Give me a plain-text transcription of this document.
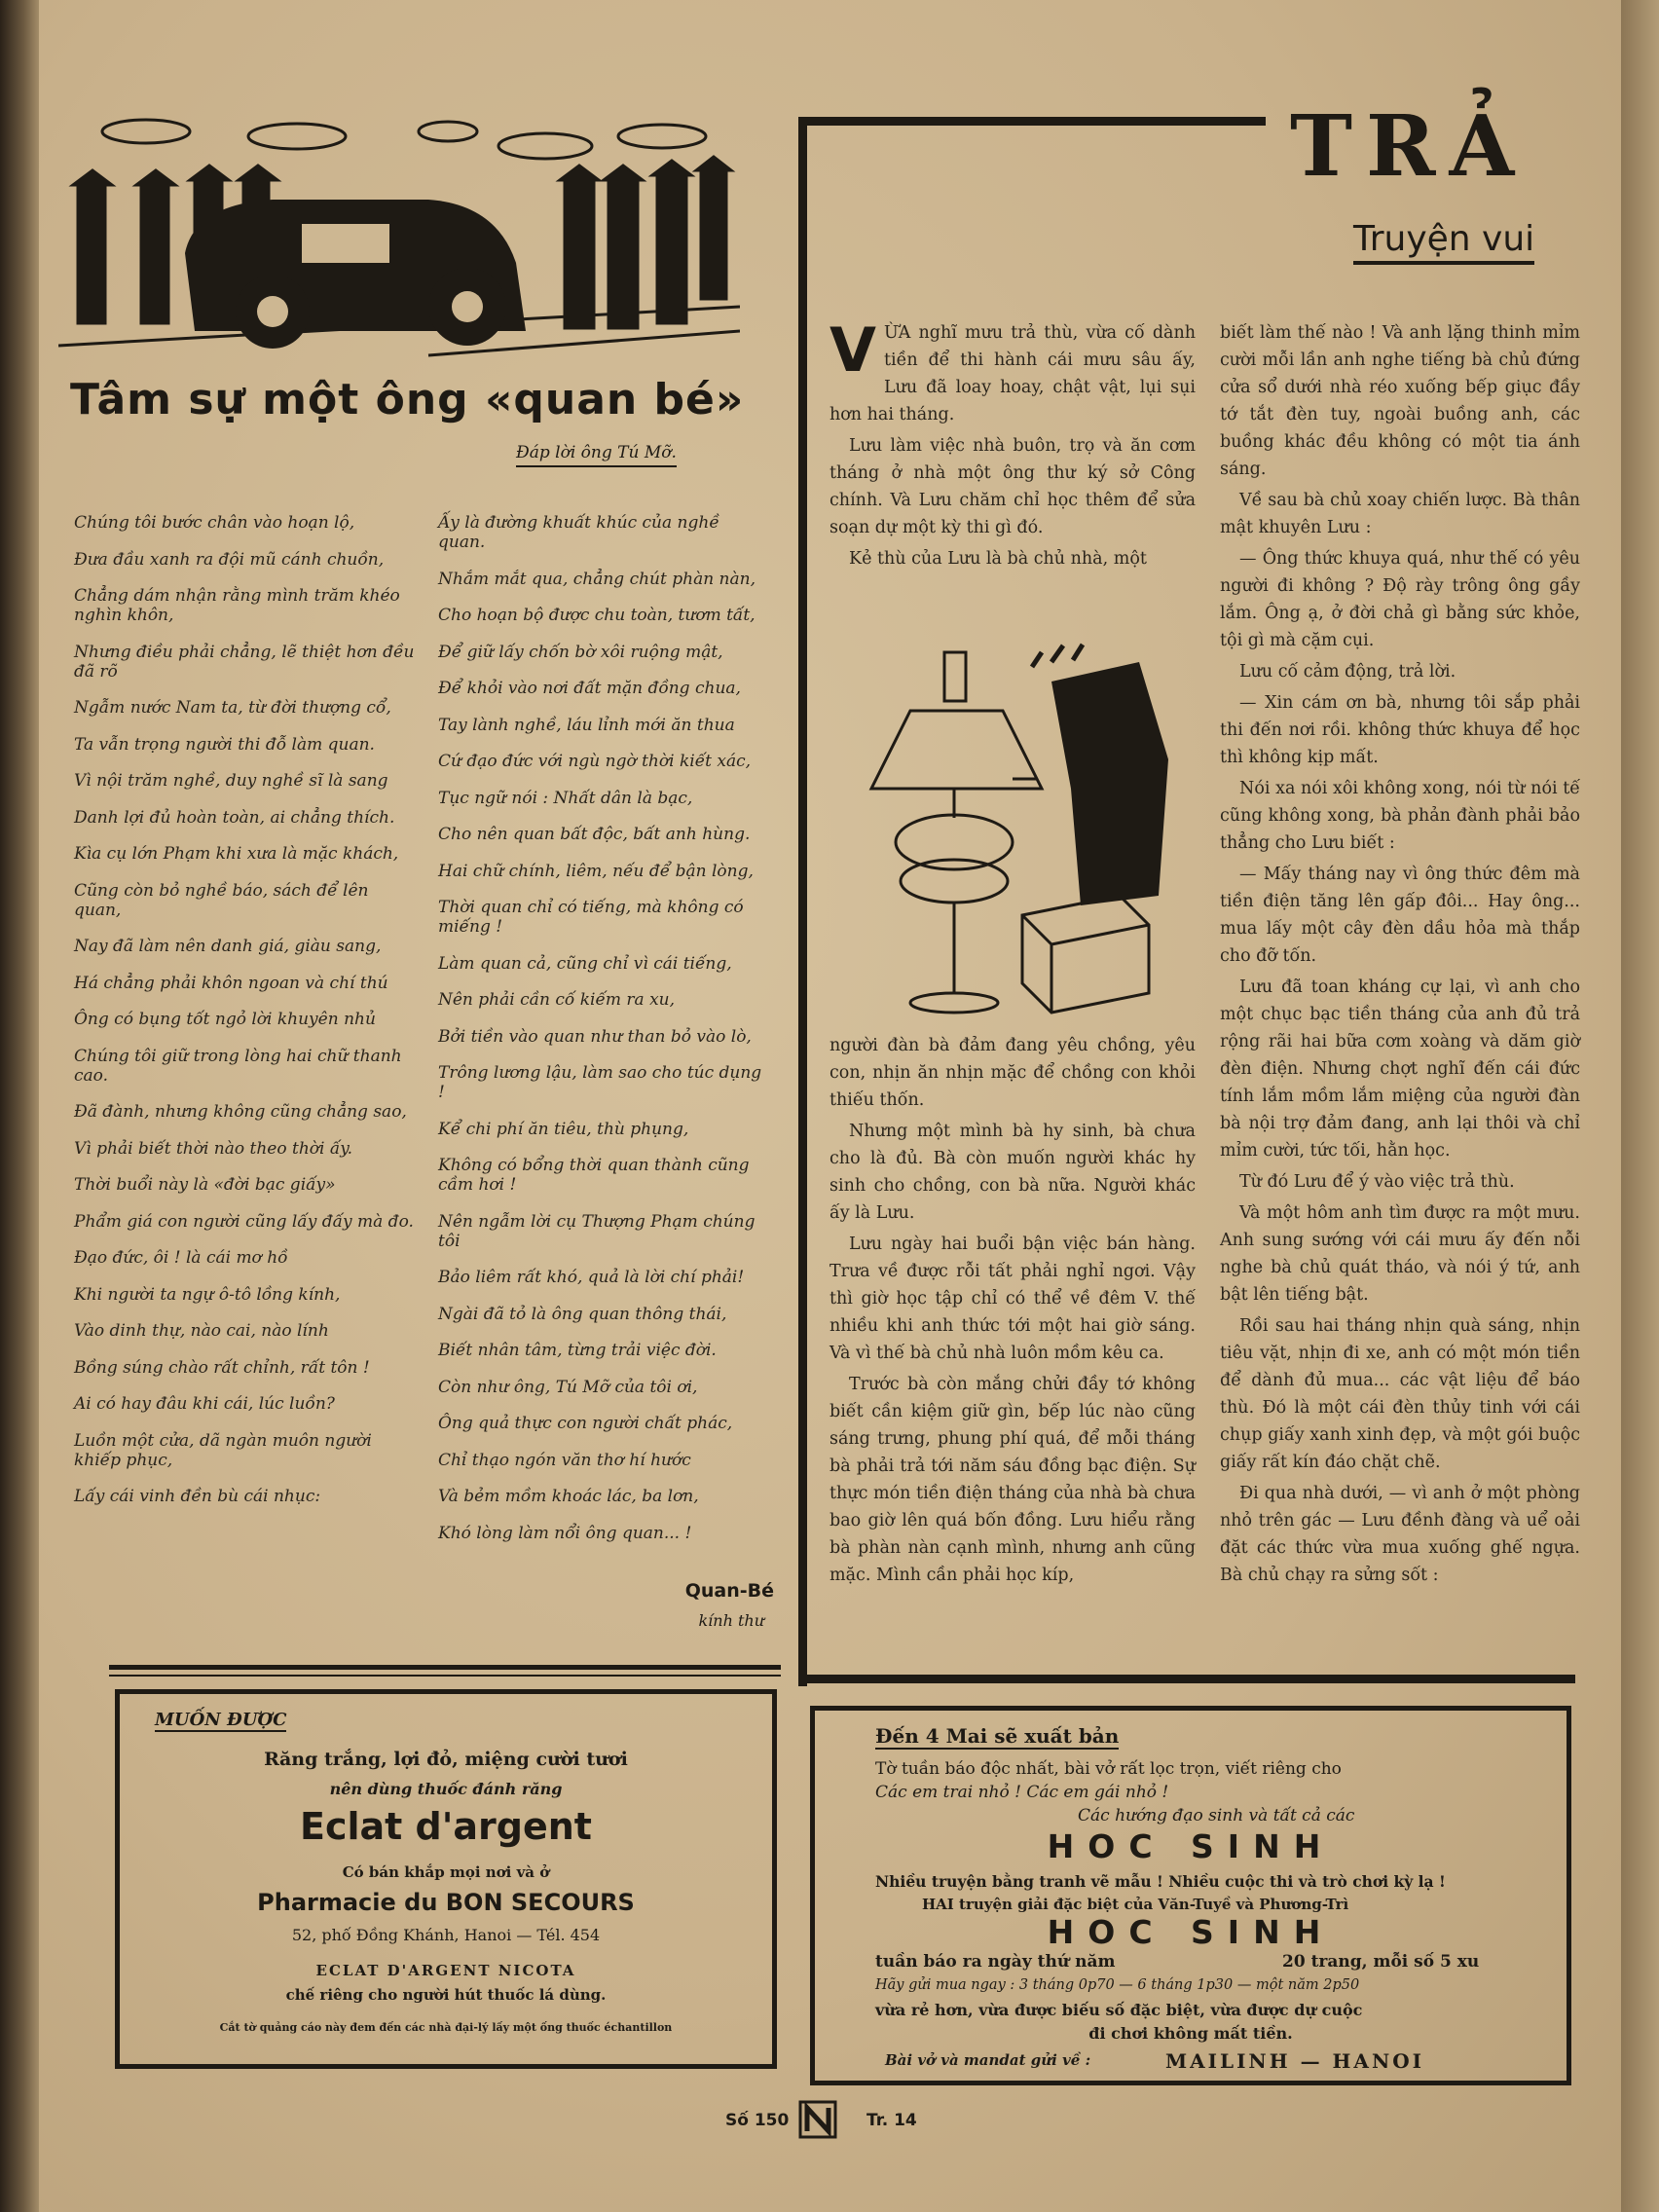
Tâm sự một ông «quan bé»
Đáp lời ông Tú Mỡ.
Chúng tôi bước chân vào hoạn lộ,
Đưa đầu xanh ra đội mũ cánh chuồn,
Chẳng dám nhận rằng mình trăm khéo nghìn khôn,
Nhưng điều phải chẳng, lẽ thiệt hơn đều đã rõ
Ngẫm nước Nam ta, từ đời thượng cổ,
Ta vẫn trọng người thi đỗ làm quan.
Vì nội trăm nghề, duy nghề sĩ là sang
Danh lợi đủ hoàn toàn, ai chẳng thích.
Kìa cụ lớn Phạm khi xưa là mặc khách,
Cũng còn bỏ nghề báo, sách để lên quan,
Nay đã làm nên danh giá, giàu sang,
Há chẳng phải khôn ngoan và chí thú
Ông có bụng tốt ngỏ lời khuyên nhủ
Chúng tôi giữ trong lòng hai chữ thanh cao.
Đã đành, nhưng không cũng chẳng sao,
Vì phải biết thời nào theo thời ấy.
Thời buổi này là «đời bạc giấy»
Phẩm giá con người cũng lấy đấy mà đo.
Đạo đức, ôi ! là cái mơ hồ
Khi người ta ngự ô-tô lồng kính,
Vào dinh thự, nào cai, nào lính
Bồng súng chào rất chỉnh, rất tôn !
Ai có hay đâu khi cái, lúc luồn?
Luồn một cửa, dã ngàn muôn người khiếp phục,
Lấy cái vinh đền bù cái nhục:
Ấy là đường khuất khúc của nghề quan.
Nhắm mắt qua, chẳng chút phàn nàn,
Cho hoạn bộ được chu toàn, tươm tất,
Để giữ lấy chốn bờ xôi ruộng mật,
Để khỏi vào nơi đất mặn đồng chua,
Tay lành nghề, láu lỉnh mới ăn thua
Cứ đạo đức với ngù ngờ thời kiết xác,
Tục ngữ nói : Nhất dân là bạc,
Cho nên quan bất độc, bất anh hùng.
Hai chữ chính, liêm, nếu để bận lòng,
Thời quan chỉ có tiếng, mà không có miếng !
Làm quan cả, cũng chỉ vì cái tiếng,
Nên phải cần cố kiếm ra xu,
Bởi tiền vào quan như than bỏ vào lò,
Trông lương lậu, làm sao cho túc dụng !
Kể chi phí ăn tiêu, thù phụng,
Không có bổng thời quan thành cũng cầm hơi !
Nên ngẫm lời cụ Thượng Phạm chúng tôi
Bảo liêm rất khó, quả là lời chí phải!
Ngài đã tỏ là ông quan thông thái,
Biết nhân tâm, từng trải việc đời.
Còn như ông, Tú Mỡ của tôi ơi,
Ông quả thực con người chất phác,
Chỉ thạo ngón văn thơ hí hước
Và bẻm mồm khoác lác, ba lơn,
Khó lòng làm nổi ông quan... !
Quan-Bé
kính thư
TRẢ
Truyện vui

VỪA nghĩ mưu trả thù, vừa cố dành tiền để thi hành cái mưu sâu ấy, Lưu đã loay hoay, chật vật, lụi sụi hơn hai tháng.

Lưu làm việc nhà buôn, trọ và ăn cơm tháng ở nhà một ông thư ký sở Công chính. Và Lưu chăm chỉ học thêm để sửa soạn dự một kỳ thi gì đó.

Kẻ thù của Lưu là bà chủ nhà, một

người đàn bà đảm đang yêu chồng, yêu con, nhịn ăn nhịn mặc để chồng con khỏi thiếu thốn.

Nhưng một mình bà hy sinh, bà chưa cho là đủ. Bà còn muốn người khác hy sinh cho chồng, con bà nữa. Người khác ấy là Lưu.

Lưu ngày hai buổi bận việc bán hàng. Trưa về được rỗi tất phải nghỉ ngơi. Vậy thì giờ học tập chỉ có thể về đêm V. thế nhiều khi anh thức tới một hai giờ sáng. Và vì thế bà chủ nhà luôn mồm kêu ca.

Trước bà còn mắng chửi đầy tớ không biết cần kiệm giữ gìn, bếp lúc nào cũng sáng trưng, phung phí quá, để mỗi tháng bà phải trả tới năm sáu đồng bạc điện. Sự thực món tiền điện tháng của nhà bà chưa bao giờ lên quá bốn đồng. Lưu hiểu rằng bà phàn nàn cạnh mình, nhưng anh cũng mặc. Mình cần phải học kíp,

biết làm thế nào ! Và anh lặng thinh mỉm cười mỗi lần anh nghe tiếng bà chủ đứng cửa sổ dưới nhà réo xuống bếp giục đầy tớ tắt đèn tuy, ngoài buồng anh, các buồng khác đều không có một tia ánh sáng.

Về sau bà chủ xoay chiến lược. Bà thân mật khuyên Lưu :

— Ông thức khuya quá, như thế có yêu người đi không ? Độ rày trông ông gầy lắm. Ông ạ, ở đời chả gì bằng sức khỏe, tội gì mà cặm cụi.

Lưu cố cảm động, trả lời.

— Xin cám ơn bà, nhưng tôi sắp phải thi đến nơi rồi. không thức khuya để học thì không kịp mất.

Nói xa nói xôi không xong, nói từ nói tế cũng không xong, bà phản đành phải bảo thẳng cho Lưu biết :

— Mấy tháng nay vì ông thức đêm mà tiền điện tăng lên gấp đôi... Hay ông... mua lấy một cây đèn dầu hỏa mà thắp cho đỡ tốn.

Lưu đã toan kháng cự lại, vì anh cho một chục bạc tiền tháng của anh đủ trả rộng rãi hai bữa cơm xoàng và dăm giờ đèn điện. Nhưng chợt nghĩ đến cái đức tính lắm mồm lắm miệng của người đàn bà nội trợ đảm đang, anh lại thôi và chỉ mỉm cười, tức tối, hằn học.

Từ đó Lưu để ý vào việc trả thù.

Và một hôm anh tìm được ra một mưu. Anh sung sướng với cái mưu ấy đến nỗi nghe bà chủ quát tháo, và nói ý tứ, anh bật lên tiếng bật.

Rồi sau hai tháng nhịn quà sáng, nhịn tiêu vặt, nhịn đi xe, anh có một món tiền để dành đủ mua... các vật liệu để báo thù. Đó là một cái đèn thủy tinh với cái chụp giấy xanh xinh đẹp, và một gói buộc giấy rất kín đáo chặt chẽ.

Đi qua nhà dưới, — vì anh ở một phòng nhỏ trên gác — Lưu đềnh đàng và uể oải đặt các thức vừa mua xuống ghế ngựa. Bà chủ chạy ra sửng sốt :

MUỐN ĐƯỢC
Răng trắng, lợi đỏ, miệng cười tươi
nên dùng thuốc đánh răng
Eclat d'argent
Có bán khắp mọi nơi và ở
Pharmacie du BON SECOURS
52, phố Đồng Khánh, Hanoi — Tél. 454
ECLAT D'ARGENT NICOTA
chế riêng cho người hút thuốc lá dùng.
Cắt tờ quảng cáo này đem đến các nhà đại-lý lấy một ống thuốc échantillon
Đến 4 Mai sẽ xuất bản
Tờ tuần báo độc nhất, bài vở rất lọc trọn, viết riêng cho
Các em trai nhỏ ! Các em gái nhỏ !
Các hướng đạo sinh và tất cả các
HOC SINH
Nhiều truyện bằng tranh vẽ mẫu ! Nhiều cuộc thi và trò chơi kỳ lạ !
HAI truyện giải đặc biệt của Văn-Tuyề và Phương-Trì
HOC SINH
tuần báo ra ngày thứ năm	20 trang, mỗi số 5 xu
Hãy gửi mua ngay : 3 tháng 0p70 — 6 tháng 1p30 — một năm 2p50
vừa rẻ hơn, vừa được biếu số đặc biệt, vừa được dự cuộc
đi chơi không mất tiền.
Bài vở và mandat gửi về :	MAILINH — HANOI
Số 150	Tr. 14
